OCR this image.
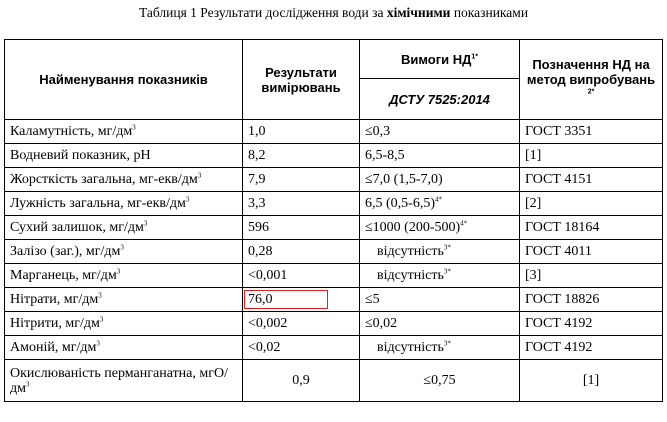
Таблиця 1 Результати дослідження води за хімічними показниками
Найменування показників	Результати вимірювань	Вимоги $НД^{1*}$	Позначення НД на метод випробувань $^{2*}$
		ДСТУ 7525:2014	
Каламутність, $мг/дм^3$	1,0	≤0,3	ГОСТ 3351
Водневий показник, pH	8,2	6,5-8,5	[1]
Жорсткість загальна, $мг-екв/дм^3$	7,9	≤7,0 (1,5-7,0)	ГОСТ 4151
Лужність загальна, $мг-екв/дм^3$	3,3	6,5 $(0,5-6,5)^{4*}$	[2]
Сухий залишок, $мг/дм^3$	596	≤1000 $(200-500)^{4*}$	ГОСТ 18164
Залізо (заг.), $мг/дм^3$	0,28	відсутність$^{3*}$	ГОСТ 4011
Марганець, $мг/дм^3$	<0,001	відсутність$^{3*}$	[3]
Нітрати, $мг/дм^3$	76,0	≤5	ГОСТ 18826
Нітрити, $мг/дм^3$	<0,002	≤0,02	ГОСТ 4192
Амоній, $мг/дм^3$	<0,02	відсутність$^{3*}$	ГОСТ 4192
Окислюваність перманганатна, мгО/$дм^3$	0,9	≤0,75	[1]
